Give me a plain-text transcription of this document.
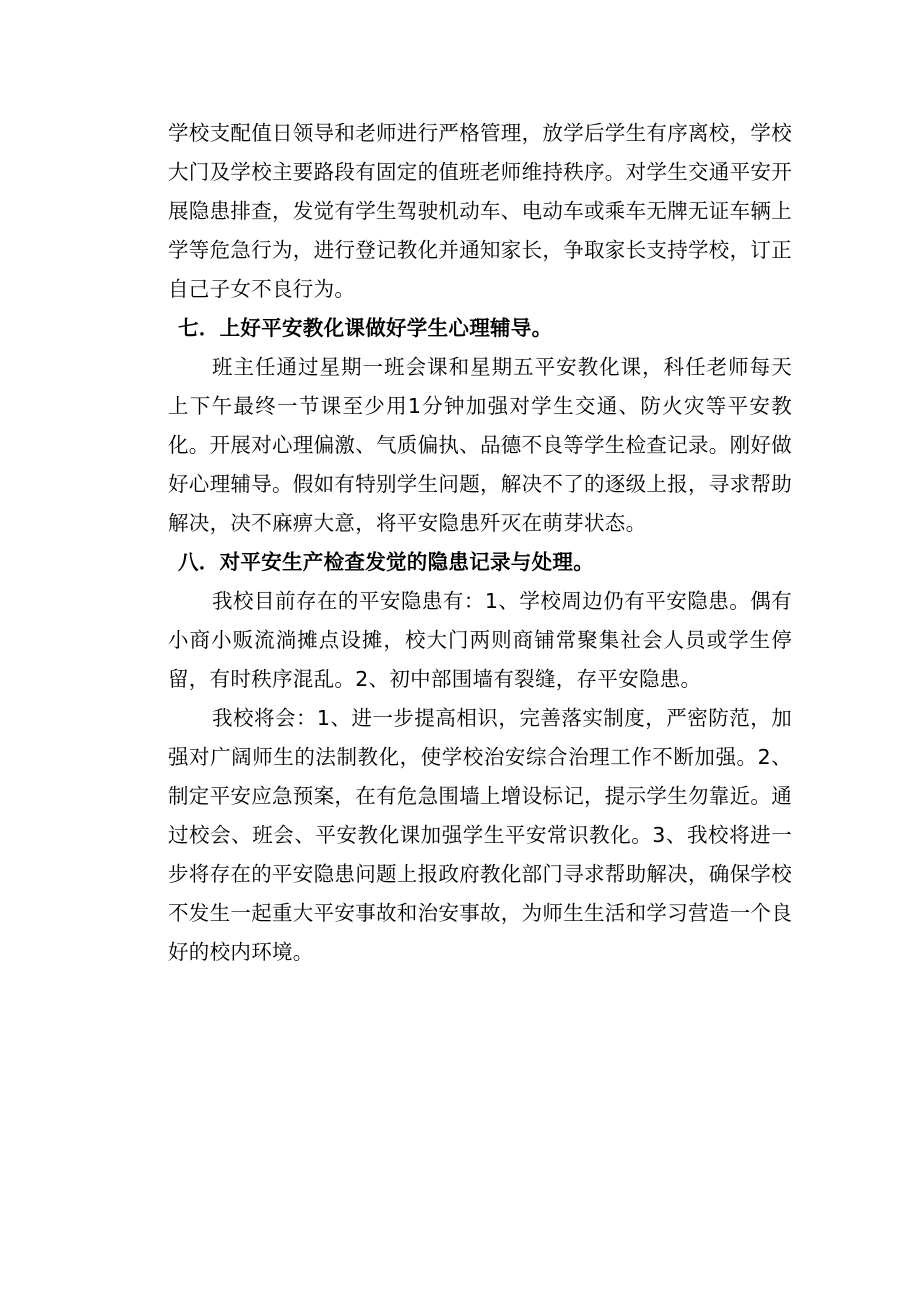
学校支配值日领导和老师进行严格管理，放学后学生有序离校，学校大门及学校主要路段有固定的值班老师维持秩序。对学生交通平安开展隐患排查，发觉有学生驾驶机动车、电动车或乘车无牌无证车辆上学等危急行为，进行登记教化并通知家长，争取家长支持学校，订正自己子女不良行为。

七．上好平安教化课做好学生心理辅导。

班主任通过星期一班会课和星期五平安教化课，科任老师每天上下午最终一节课至少用1分钟加强对学生交通、防火灾等平安教化。开展对心理偏激、气质偏执、品德不良等学生检查记录。刚好做好心理辅导。假如有特别学生问题，解决不了的逐级上报，寻求帮助解决，决不麻痹大意，将平安隐患歼灭在萌芽状态。

八．对平安生产检查发觉的隐患记录与处理。

我校目前存在的平安隐患有：1、学校周边仍有平安隐患。偶有小商小贩流淌摊点设摊，校大门两则商铺常聚集社会人员或学生停留，有时秩序混乱。2、初中部围墙有裂缝，存平安隐患。

我校将会：1、进一步提高相识，完善落实制度，严密防范，加强对广阔师生的法制教化，使学校治安综合治理工作不断加强。2、制定平安应急预案，在有危急围墙上增设标记，提示学生勿靠近。通过校会、班会、平安教化课加强学生平安常识教化。3、我校将进一步将存在的平安隐患问题上报政府教化部门寻求帮助解决，确保学校不发生一起重大平安事故和治安事故，为师生生活和学习营造一个良好的校内环境。
